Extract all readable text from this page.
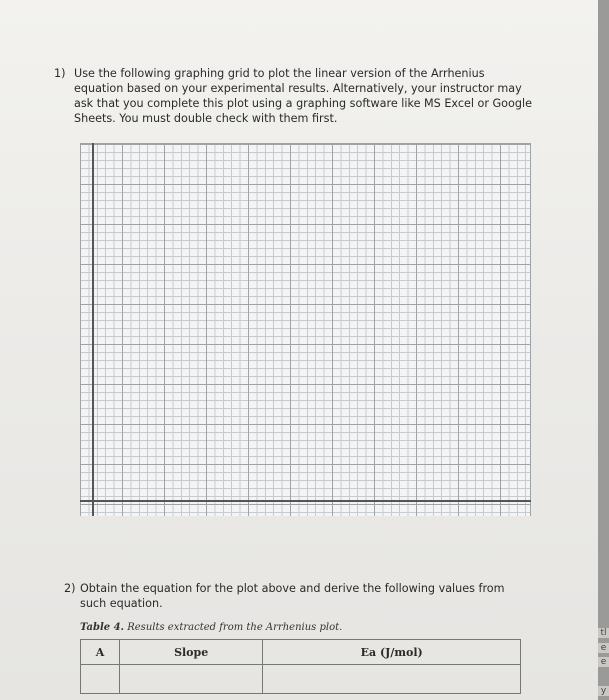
1) Use the following graphing grid to plot the linear version of the Arrhenius equation based on your experimental results. Alternatively, your instructor may ask that you complete this plot using a graphing software like MS Excel or Google Sheets. You must double check with them first.
2) Obtain the equation for the plot above and derive the following values from such equation.
Table 4. Results extracted from the Arrhenius plot.
A	Slope	Ea (J/mol)

tl
e
e
y
